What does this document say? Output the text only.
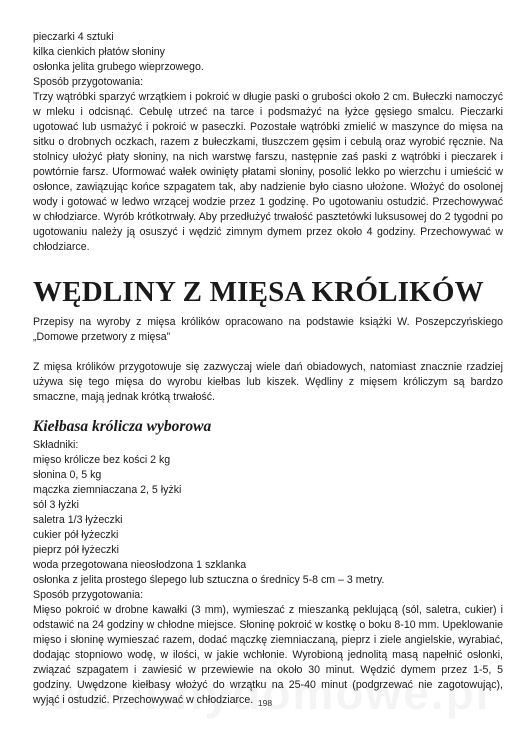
pieczarki 4 sztuki
kilka cienkich płatów słoniny
osłonka jelita grubego wieprzowego.
Sposób przygotowania:
Trzy wątróbki sparzyć wrzątkiem i pokroić w długie paski o grubości około 2 cm. Bułeczki namoczyć w mleku i odcisnąć. Cebulę utrzeć na tarce i podsmażyć na łyżce gęsiego smalcu. Pieczarki ugotować lub usmażyć i pokroić w paseczki. Pozostałe wątróbki zmielić w maszynce do mięsa na sitku o drobnych oczkach, razem z bułeczkami, tłuszczem gęsim i cebulą oraz wyrobić ręcznie. Na stolnicy ułożyć płaty słoniny, na nich warstwę farszu, następnie zaś paski z wątróbki i pieczarek i powtórnie farsz. Uformować wałek owinięty płatami słoniny, posolić lekko po wierzchu i umieścić w osłonce, zawiązując końce szpagatem tak, aby nadzienie było ciasno ułożone. Włożyć do osolonej wody i gotować w ledwo wrzącej wodzie przez 1 godzinę. Po ugotowaniu ostudzić. Przechowywać w chłodziarce. Wyrób krótkotrwały. Aby przedłużyć trwałość pasztetówki luksusowej do 2 tygodni po ugotowaniu należy ją osuszyć i wędzić zimnym dymem przez około 4 godziny. Przechowywać w chłodziarce.
WĘDLINY Z MIĘSA KRÓLIKÓW
Przepisy na wyroby z mięsa królików opracowano na podstawie książki W. Poszepczyńskiego „Domowe przetwory z mięsa”
Z mięsa królików przygotowuje się zazwyczaj wiele dań obiadowych, natomiast znacznie rzadziej używa się tego mięsa do wyrobu kiełbas lub kiszek. Wędliny z mięsem króliczym są bardzo smaczne, mają jednak krótką trwałość.
Kiełbasa królicza wyborowa
Składniki:
mięso królicze bez kości 2 kg
słonina 0, 5 kg
mączka ziemniaczana 2, 5 łyżki
sól 3 łyżki
saletra 1/3 łyżeczki
cukier pół łyżeczki
pieprz pół łyżeczki
woda przegotowana nieosłodzona 1 szklanka
osłonka z jelita prostego ślepego lub sztuczna o średnicy 5-8 cm – 3 metry.
Sposób przygotowania:
Mięso pokroić w drobne kawałki (3 mm), wymieszać z mieszanką peklującą (sól, saletra, cukier) i odstawić na 24 godziny w chłodne miejsce. Słoninę pokroić w kostkę o boku 8-10 mm. Upeklowanie mięso i słoninę wymieszać razem, dodać mączkę ziemniaczaną, pieprz i ziele angielskie, wyrabiać, dodając stopniowo wodę, w ilości, w jakie wchłonie. Wyrobioną jednolitą masą napełnić osłonki, związać szpagatem i zawiesić w przewiewie na około 30 minut. Wędzić dymem przez 1-5, 5 godziny. Uwędzone kiełbasy włożyć do wrzątku na 25-40 minut (podgrzewać nie zagotowując), wyjąć i ostudzić. Przechowywać w chłodziarce. 198
